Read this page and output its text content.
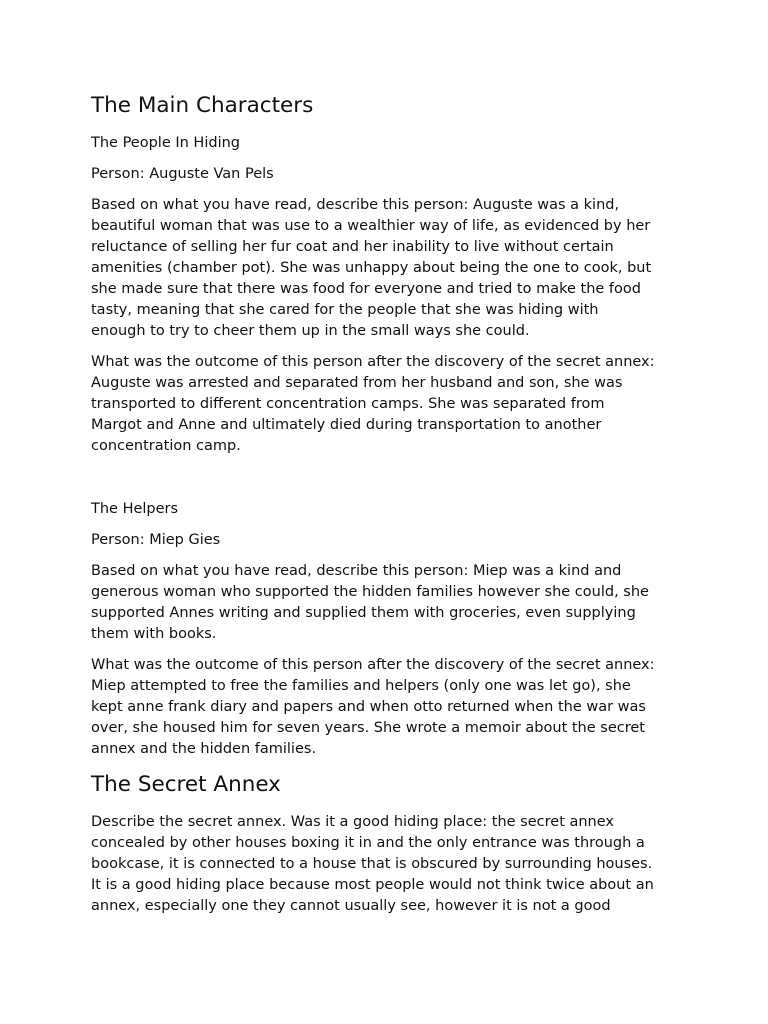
The Main Characters

The People In Hiding

Person: Auguste Van Pels

Based on what you have read, describe this person: Auguste was a kind,
beautiful woman that was use to a wealthier way of life, as evidenced by her
reluctance of selling her fur coat and her inability to live without certain
amenities (chamber pot). She was unhappy about being the one to cook, but
she made sure that there was food for everyone and tried to make the food
tasty, meaning that she cared for the people that she was hiding with
enough to try to cheer them up in the small ways she could.

What was the outcome of this person after the discovery of the secret annex:
Auguste was arrested and separated from her husband and son, she was
transported to different concentration camps. She was separated from
Margot and Anne and ultimately died during transportation to another
concentration camp.

The Helpers

Person: Miep Gies

Based on what you have read, describe this person: Miep was a kind and
generous woman who supported the hidden families however she could, she
supported Annes writing and supplied them with groceries, even supplying
them with books.

What was the outcome of this person after the discovery of the secret annex:
Miep attempted to free the families and helpers (only one was let go), she
kept anne frank diary and papers and when otto returned when the war was
over, she housed him for seven years. She wrote a memoir about the secret
annex and the hidden families.

The Secret Annex

Describe the secret annex. Was it a good hiding place: the secret annex
concealed by other houses boxing it in and the only entrance was through a
bookcase, it is connected to a house that is obscured by surrounding houses.
It is a good hiding place because most people would not think twice about an
annex, especially one they cannot usually see, however it is not a good
